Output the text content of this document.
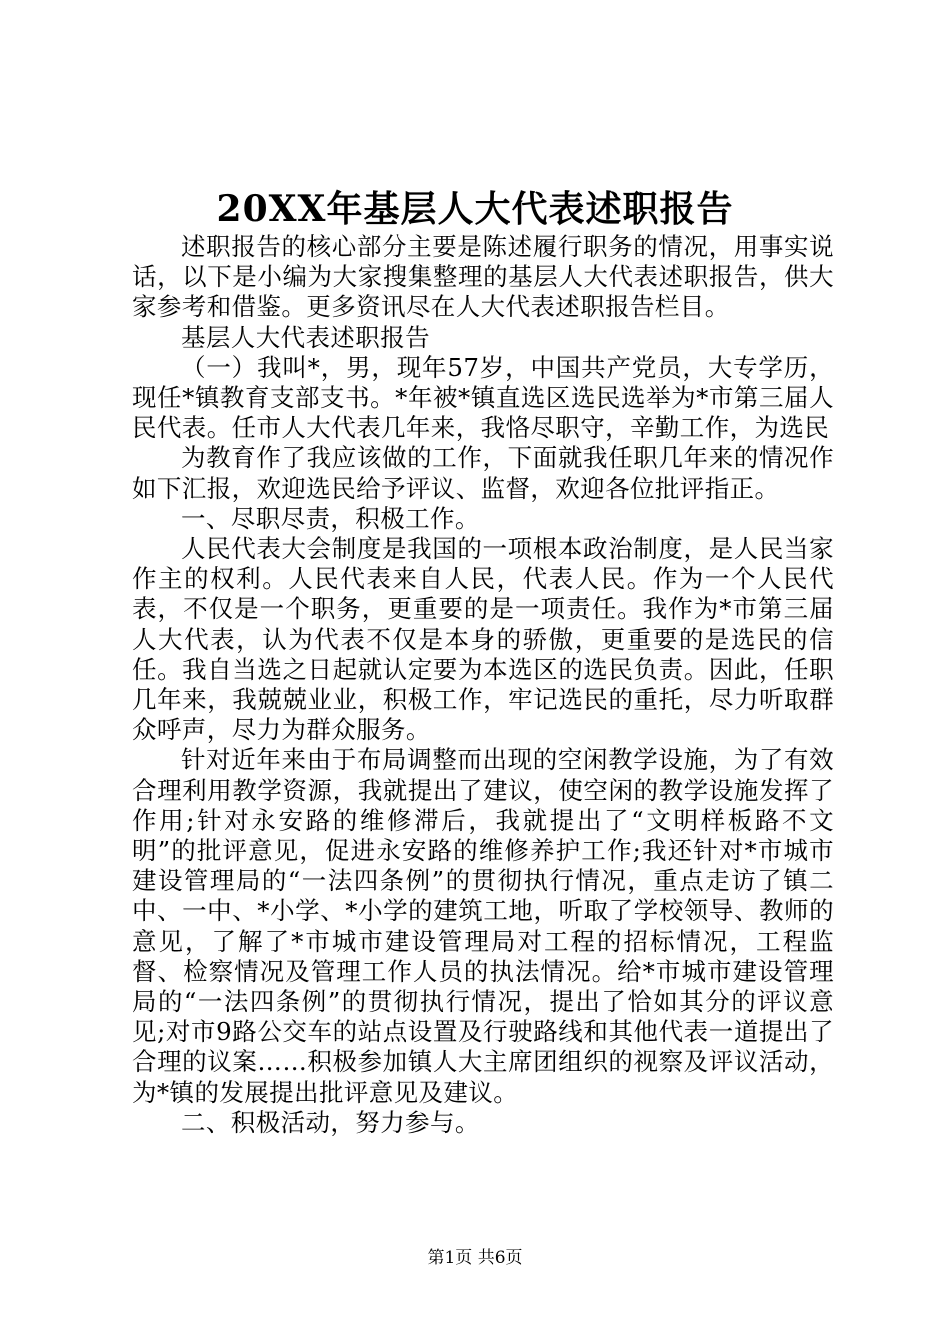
20XX年基层人大代表述职报告

述职报告的核心部分主要是陈述履行职务的情况，用事实说话，以下是小编为大家搜集整理的基层人大代表述职报告，供大家参考和借鉴。更多资讯尽在人大代表述职报告栏目。

基层人大代表述职报告

（一）我叫*，男，现年57岁，中国共产党员，大专学历，现任*镇教育支部支书。*年被*镇直选区选民选举为*市第三届人民代表。任市人大代表几年来，我恪尽职守，辛勤工作，为选民

为教育作了我应该做的工作，下面就我任职几年来的情况作如下汇报，欢迎选民给予评议、监督，欢迎各位批评指正。

一、尽职尽责，积极工作。

人民代表大会制度是我国的一项根本政治制度，是人民当家作主的权利。人民代表来自人民，代表人民。作为一个人民代表，不仅是一个职务，更重要的是一项责任。我作为*市第三届人大代表，认为代表不仅是本身的骄傲，更重要的是选民的信任。我自当选之日起就认定要为本选区的选民负责。因此，任职几年来，我兢兢业业，积极工作，牢记选民的重托，尽力听取群众呼声，尽力为群众服务。

针对近年来由于布局调整而出现的空闲教学设施，为了有效合理利用教学资源，我就提出了建议，使空闲的教学设施发挥了作用;针对永安路的维修滞后，我就提出了“文明样板路不文明”的批评意见，促进永安路的维修养护工作;我还针对*市城市建设管理局的“一法四条例”的贯彻执行情况，重点走访了镇二中、一中、*小学、*小学的建筑工地，听取了学校领导、教师的意见，了解了*市城市建设管理局对工程的招标情况，工程监督、检察情况及管理工作人员的执法情况。给*市城市建设管理局的“一法四条例”的贯彻执行情况，提出了恰如其分的评议意见;对市9路公交车的站点设置及行驶路线和其他代表一道提出了合理的议案……积极参加镇人大主席团组织的视察及评议活动，为*镇的发展提出批评意见及建议。

二、积极活动，努力参与。

第1页 共6页
